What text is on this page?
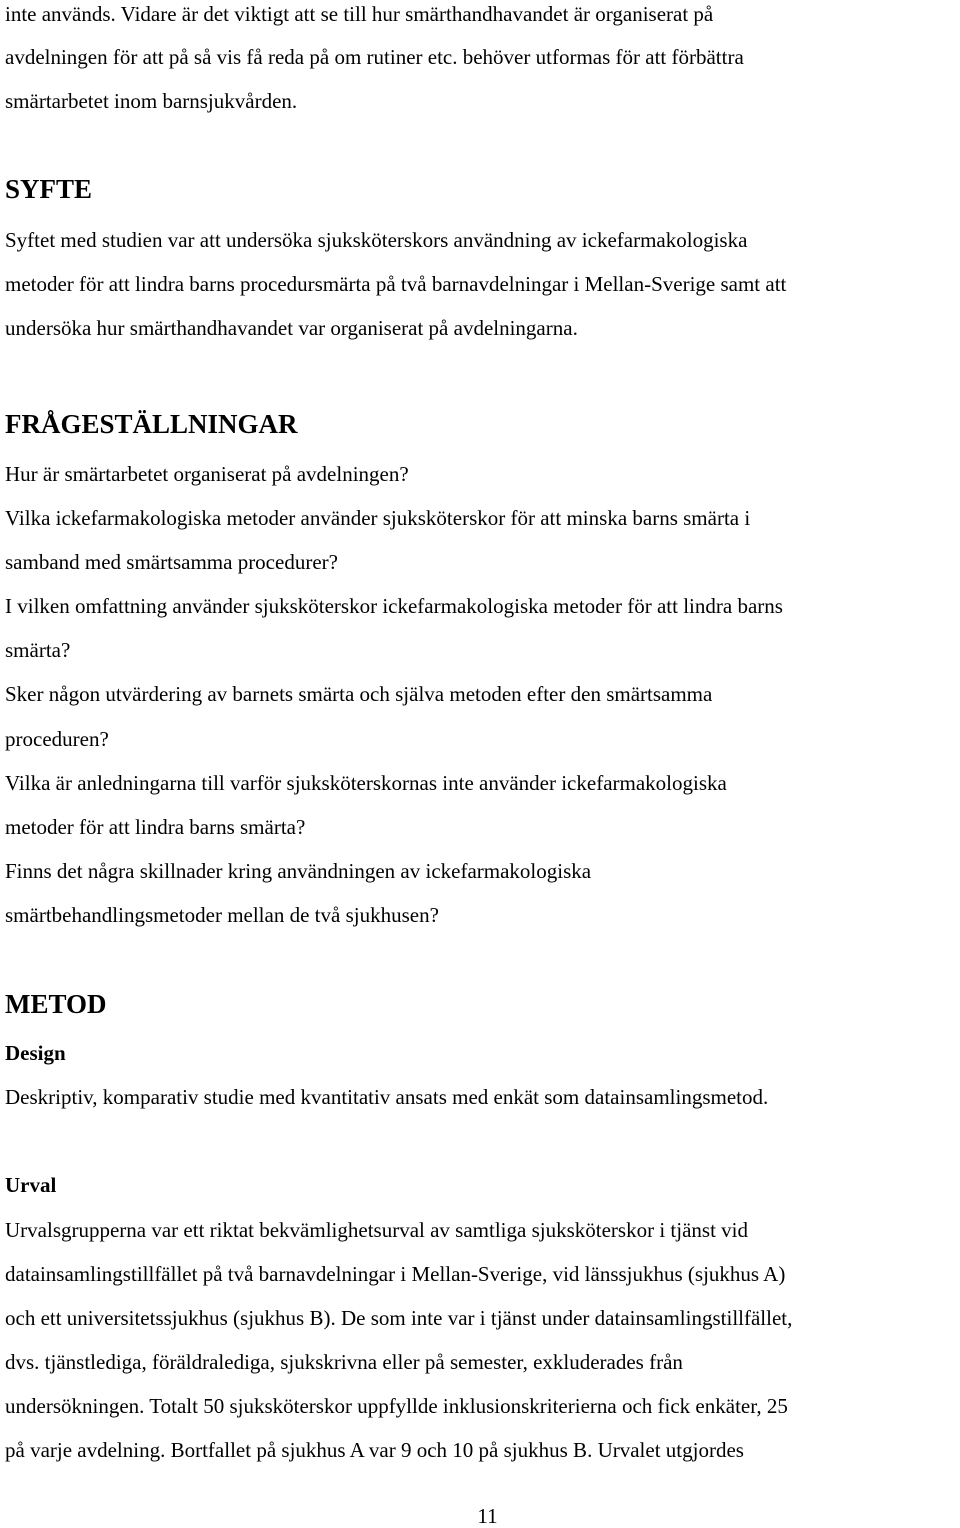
inte används. Vidare är det viktigt att se till hur smärthandhavandet är organiserat på
avdelningen för att på så vis få reda på om rutiner etc. behöver utformas för att förbättra
smärtarbetet inom barnsjukvården.
SYFTE
Syftet med studien var att undersöka sjuksköterskors användning av ickefarmakologiska
metoder för att lindra barns procedursmärta på två barnavdelningar i Mellan-Sverige samt att
undersöka hur smärthandhavandet var organiserat på avdelningarna.
FRÅGESTÄLLNINGAR
Hur är smärtarbetet organiserat på avdelningen?
Vilka ickefarmakologiska metoder använder sjuksköterskor för att minska barns smärta i
samband med smärtsamma procedurer?
I vilken omfattning använder sjuksköterskor ickefarmakologiska metoder för att lindra barns
smärta?
Sker någon utvärdering av barnets smärta och själva metoden efter den smärtsamma
proceduren?
Vilka är anledningarna till varför sjuksköterskornas inte använder ickefarmakologiska
metoder för att lindra barns smärta?
Finns det några skillnader kring användningen av ickefarmakologiska
smärtbehandlingsmetoder mellan de två sjukhusen?
METOD
Design
Deskriptiv, komparativ studie med kvantitativ ansats med enkät som datainsamlingsmetod.
Urval
Urvalsgrupperna var ett riktat bekvämlighetsurval av samtliga sjuksköterskor i tjänst vid
datainsamlingstillfället på två barnavdelningar i Mellan-Sverige, vid länssjukhus (sjukhus A)
och ett universitetssjukhus (sjukhus B). De som inte var i tjänst under datainsamlingstillfället,
dvs. tjänstlediga, föräldralediga, sjukskrivna eller på semester, exkluderades från
undersökningen. Totalt 50 sjuksköterskor uppfyllde inklusionskriterierna och fick enkäter, 25
på varje avdelning. Bortfallet på sjukhus A var 9 och 10 på sjukhus B. Urvalet utgjordes
11
